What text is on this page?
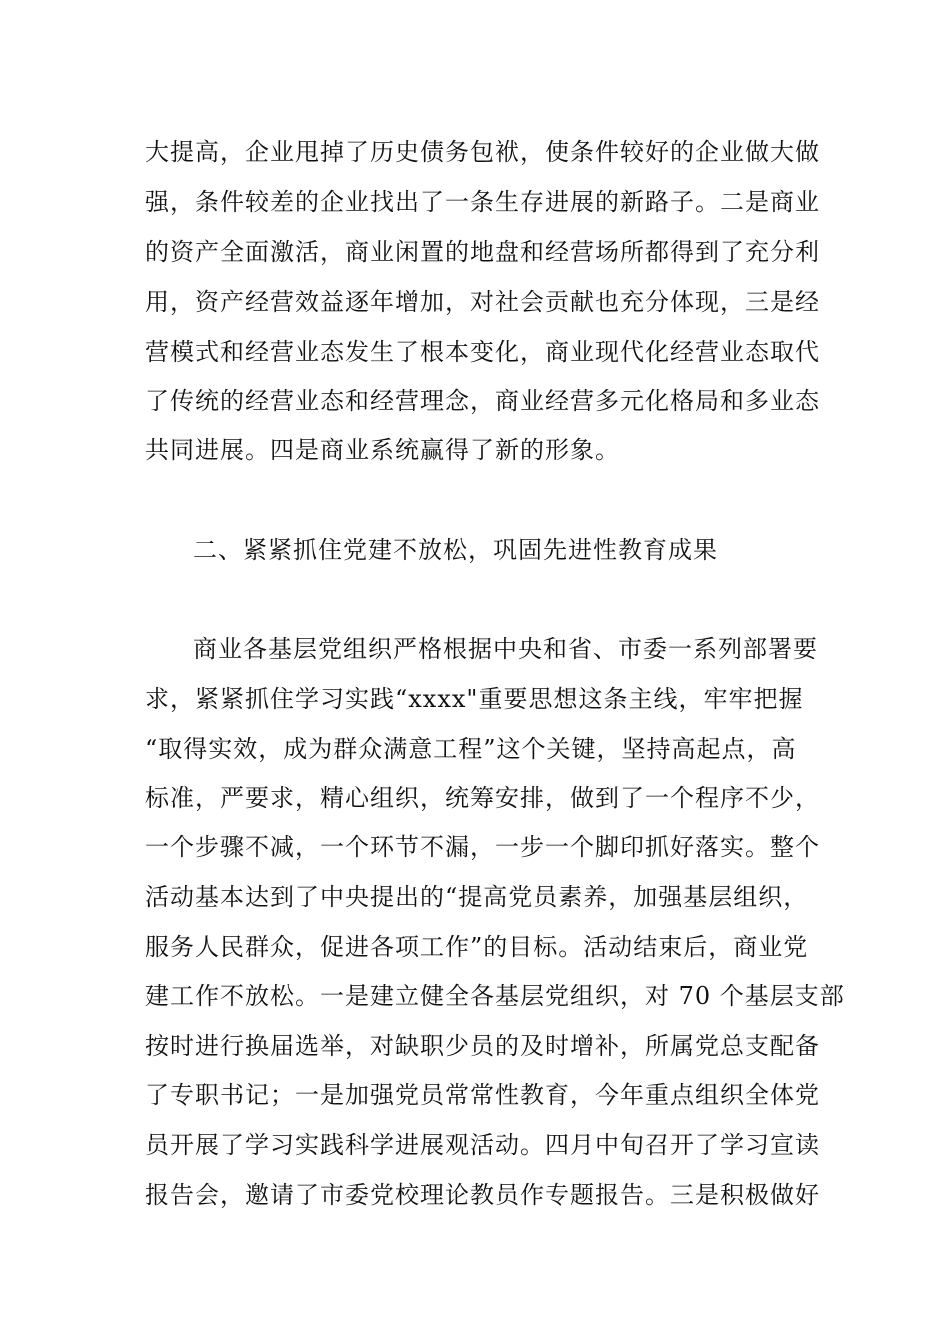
大提高，企业甩掉了历史债务包袱，使条件较好的企业做大做
强，条件较差的企业找出了一条生存进展的新路子。二是商业
的资产全面激活，商业闲置的地盘和经营场所都得到了充分利
用，资产经营效益逐年增加，对社会贡献也充分体现，三是经
营模式和经营业态发生了根本变化，商业现代化经营业态取代
了传统的经营业态和经营理念，商业经营多元化格局和多业态
共同进展。四是商业系统赢得了新的形象。
二、紧紧抓住党建不放松，巩固先进性教育成果
商业各基层党组织严格根据中央和省、市委一系列部署要
求，紧紧抓住学习实践“xxxx"重要思想这条主线，牢牢把握
“取得实效，成为群众满意工程”这个关键，坚持高起点，高
标准，严要求，精心组织，统筹安排，做到了一个程序不少，
一个步骤不减，一个环节不漏，一步一个脚印抓好落实。整个
活动基本达到了中央提出的“提高党员素养，加强基层组织，
服务人民群众，促进各项工作”的目标。活动结束后，商业党
建工作不放松。一是建立健全各基层党组织，对 70 个基层支部
按时进行换届选举，对缺职少员的及时增补，所属党总支配备
了专职书记；一是加强党员常常性教育，今年重点组织全体党
员开展了学习实践科学进展观活动。四月中旬召开了学习宣读
报告会，邀请了市委党校理论教员作专题报告。三是积极做好
